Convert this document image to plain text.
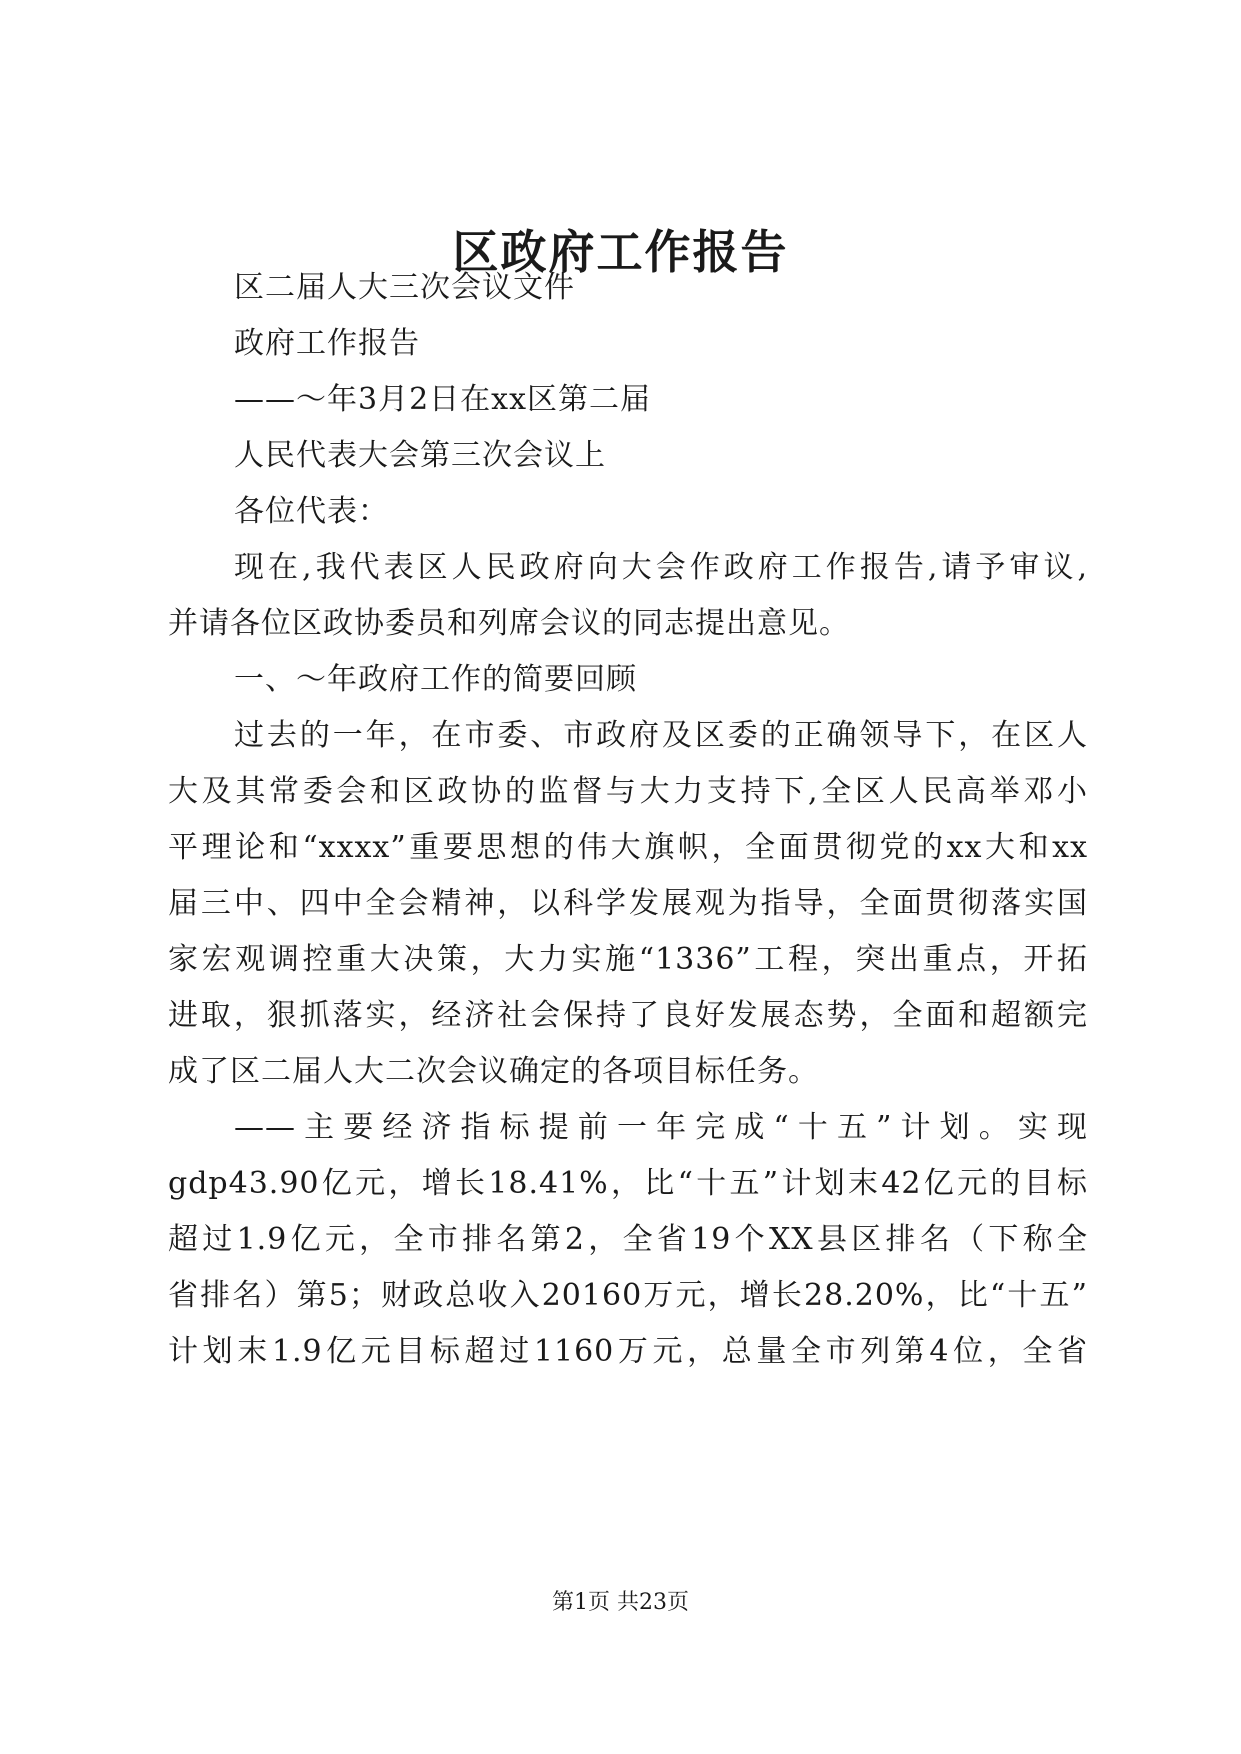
区政府工作报告
区二届人大三次会议文件
政府工作报告
——～年3月2日在xx区第二届
人民代表大会第三次会议上
各位代表：
现在,我代表区人民政府向大会作政府工作报告,请予审议,
并请各位区政协委员和列席会议的同志提出意见。
一、～年政府工作的简要回顾
过去的一年，在市委、市政府及区委的正确领导下，在区人
大及其常委会和区政协的监督与大力支持下,全区人民高举邓小
平理论和“xxxx”重要思想的伟大旗帜，全面贯彻党的xx大和xx
届三中、四中全会精神，以科学发展观为指导，全面贯彻落实国
家宏观调控重大决策，大力实施“1336”工程，突出重点，开拓
进取，狠抓落实，经济社会保持了良好发展态势，全面和超额完
成了区二届人大二次会议确定的各项目标任务。
——主要经济指标提前一年完成“十五”计划。实现
gdp43.90亿元，增长18.41%，比“十五”计划末42亿元的目标
超过1.9亿元，全市排名第2，全省19个XX县区排名（下称全
省排名）第5；财政总收入20160万元，增长28.20%，比“十五”
计划末1.9亿元目标超过1160万元，总量全市列第4位，全省
第1页 共23页
